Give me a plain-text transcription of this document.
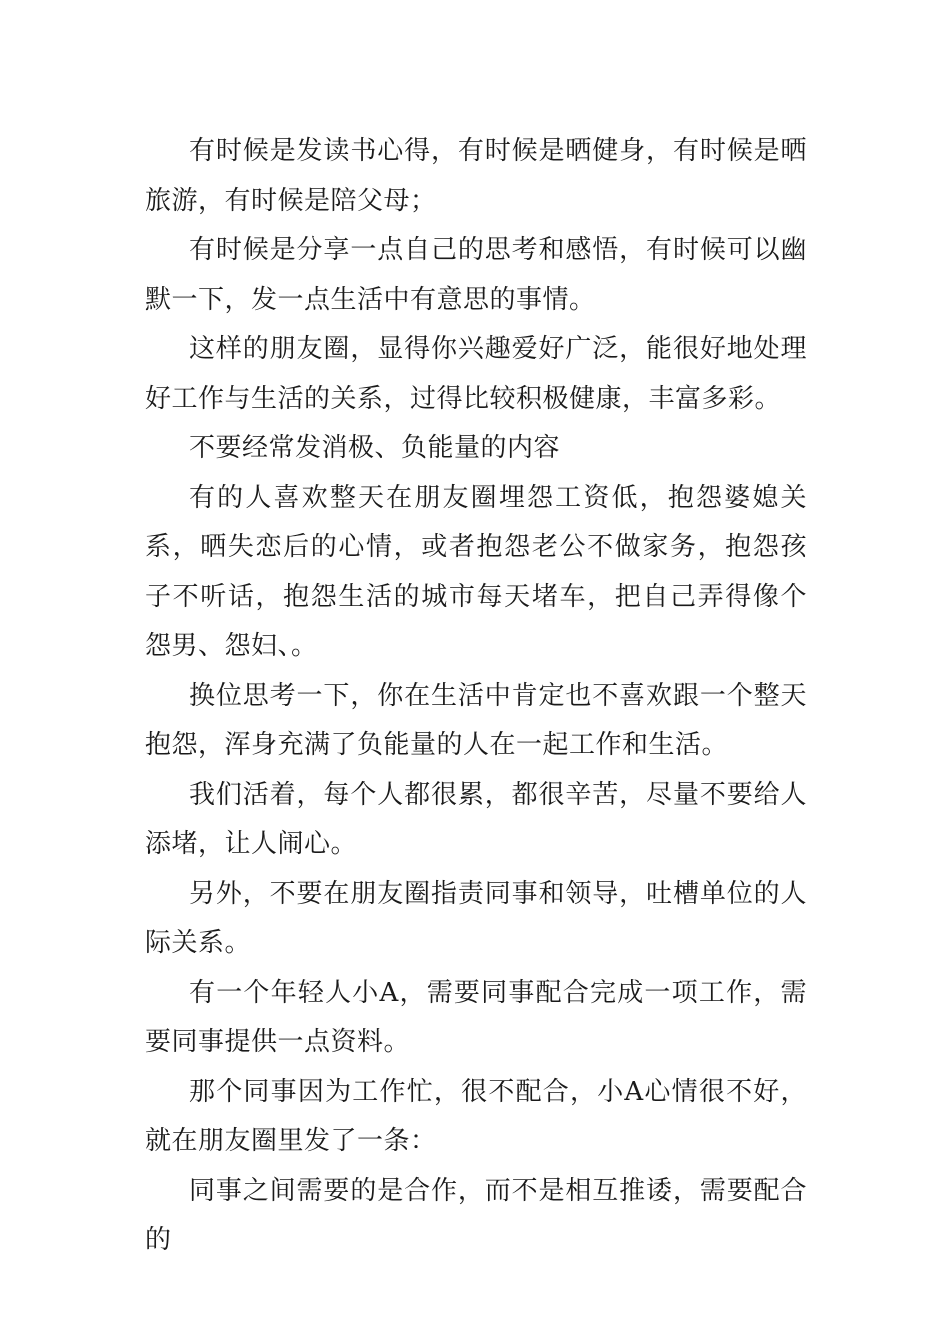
有时候是发读书心得，有时候是晒健身，有时候是晒旅游，有时候是陪父母；

有时候是分享一点自己的思考和感悟，有时候可以幽默一下，发一点生活中有意思的事情。

这样的朋友圈，显得你兴趣爱好广泛，能很好地处理好工作与生活的关系，过得比较积极健康，丰富多彩。

不要经常发消极、负能量的内容

有的人喜欢整天在朋友圈埋怨工资低，抱怨婆媳关系，晒失恋后的心情，或者抱怨老公不做家务，抱怨孩子不听话，抱怨生活的城市每天堵车，把自己弄得像个怨男、怨妇、。

换位思考一下，你在生活中肯定也不喜欢跟一个整天抱怨，浑身充满了负能量的人在一起工作和生活。

我们活着，每个人都很累，都很辛苦，尽量不要给人添堵，让人闹心。

另外，不要在朋友圈指责同事和领导，吐槽单位的人际关系。

有一个年轻人小A，需要同事配合完成一项工作，需要同事提供一点资料。

那个同事因为工作忙，很不配合，小A心情很不好，就在朋友圈里发了一条：

同事之间需要的是合作，而不是相互推诿，需要配合的
